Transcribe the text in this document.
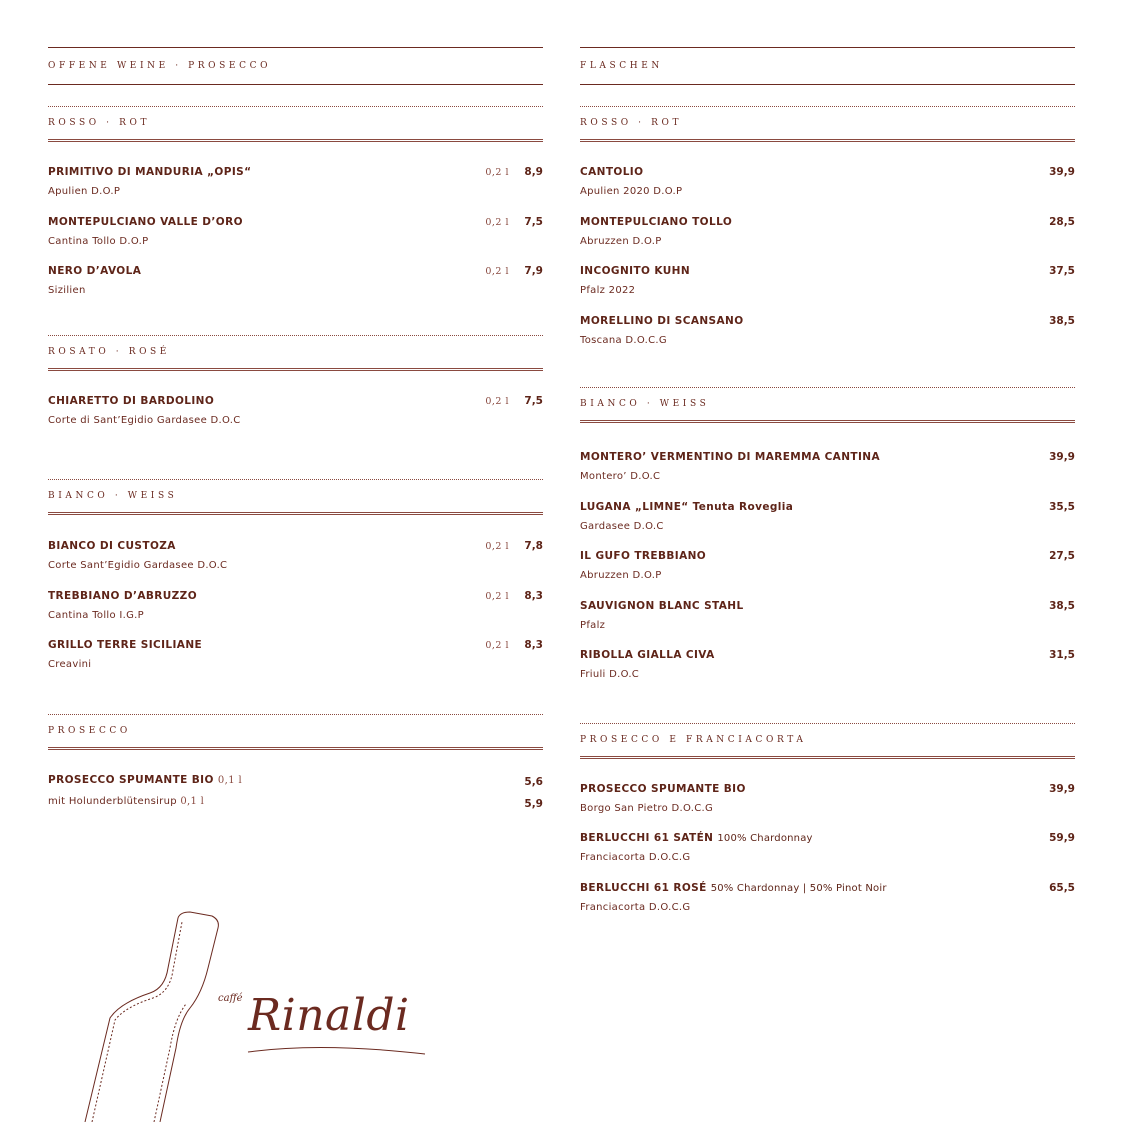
OFFENE WEINE · PROSECCO
ROSSO · ROT
PRIMITIVO DI MANDURIA „OPIS“
Apulien D.O.P
0,2 l 8,9
MONTEPULCIANO VALLE D’ORO
Cantina Tollo D.O.P
0,2 l 7,5
NERO D’AVOLA
Sizilien
0,2 l 7,9
ROSATO · ROSÉ
CHIARETTO DI BARDOLINO
Corte di Sant’Egidio Gardasee D.O.C
0,2 l 7,5
BIANCO · WEISS
BIANCO DI CUSTOZA
Corte Sant’Egidio Gardasee D.O.C
0,2 l 7,8
TREBBIANO D’ABRUZZO
Cantina Tollo I.G.P
0,2 l 8,3
GRILLO TERRE SICILIANE
Creavini
0,2 l 8,3
PROSECCO
PROSECCO SPUMANTE BIO 0,1 l	5,6
mit Holunderblütensirup 0,1 l	5,9
FLASCHEN
ROSSO · ROT
CANTOLIO
Apulien 2020 D.O.P
39,9
MONTEPULCIANO TOLLO
Abruzzen D.O.P
28,5
INCOGNITO KUHN
Pfalz 2022
37,5
MORELLINO DI SCANSANO
Toscana D.O.C.G
38,5
BIANCO · WEISS
MONTERO’ VERMENTINO DI MAREMMA CANTINA
Montero’ D.O.C
39,9
LUGANA „LIMNE“ Tenuta Roveglia
Gardasee D.O.C
35,5
IL GUFO TREBBIANO
Abruzzen D.O.P
27,5
SAUVIGNON BLANC STAHL
Pfalz
38,5
RIBOLLA GIALLA CIVA
Friuli D.O.C
31,5
PROSECCO E FRANCIACORTA
PROSECCO SPUMANTE BIO
Borgo San Pietro D.O.C.G
39,9
BERLUCCHI 61 SATÉN 100% Chardonnay
Franciacorta D.O.C.G
59,9
BERLUCCHI 61 ROSÉ 50% Chardonnay | 50% Pinot Noir
Franciacorta D.O.C.G
65,5
caffé Rinaldi
